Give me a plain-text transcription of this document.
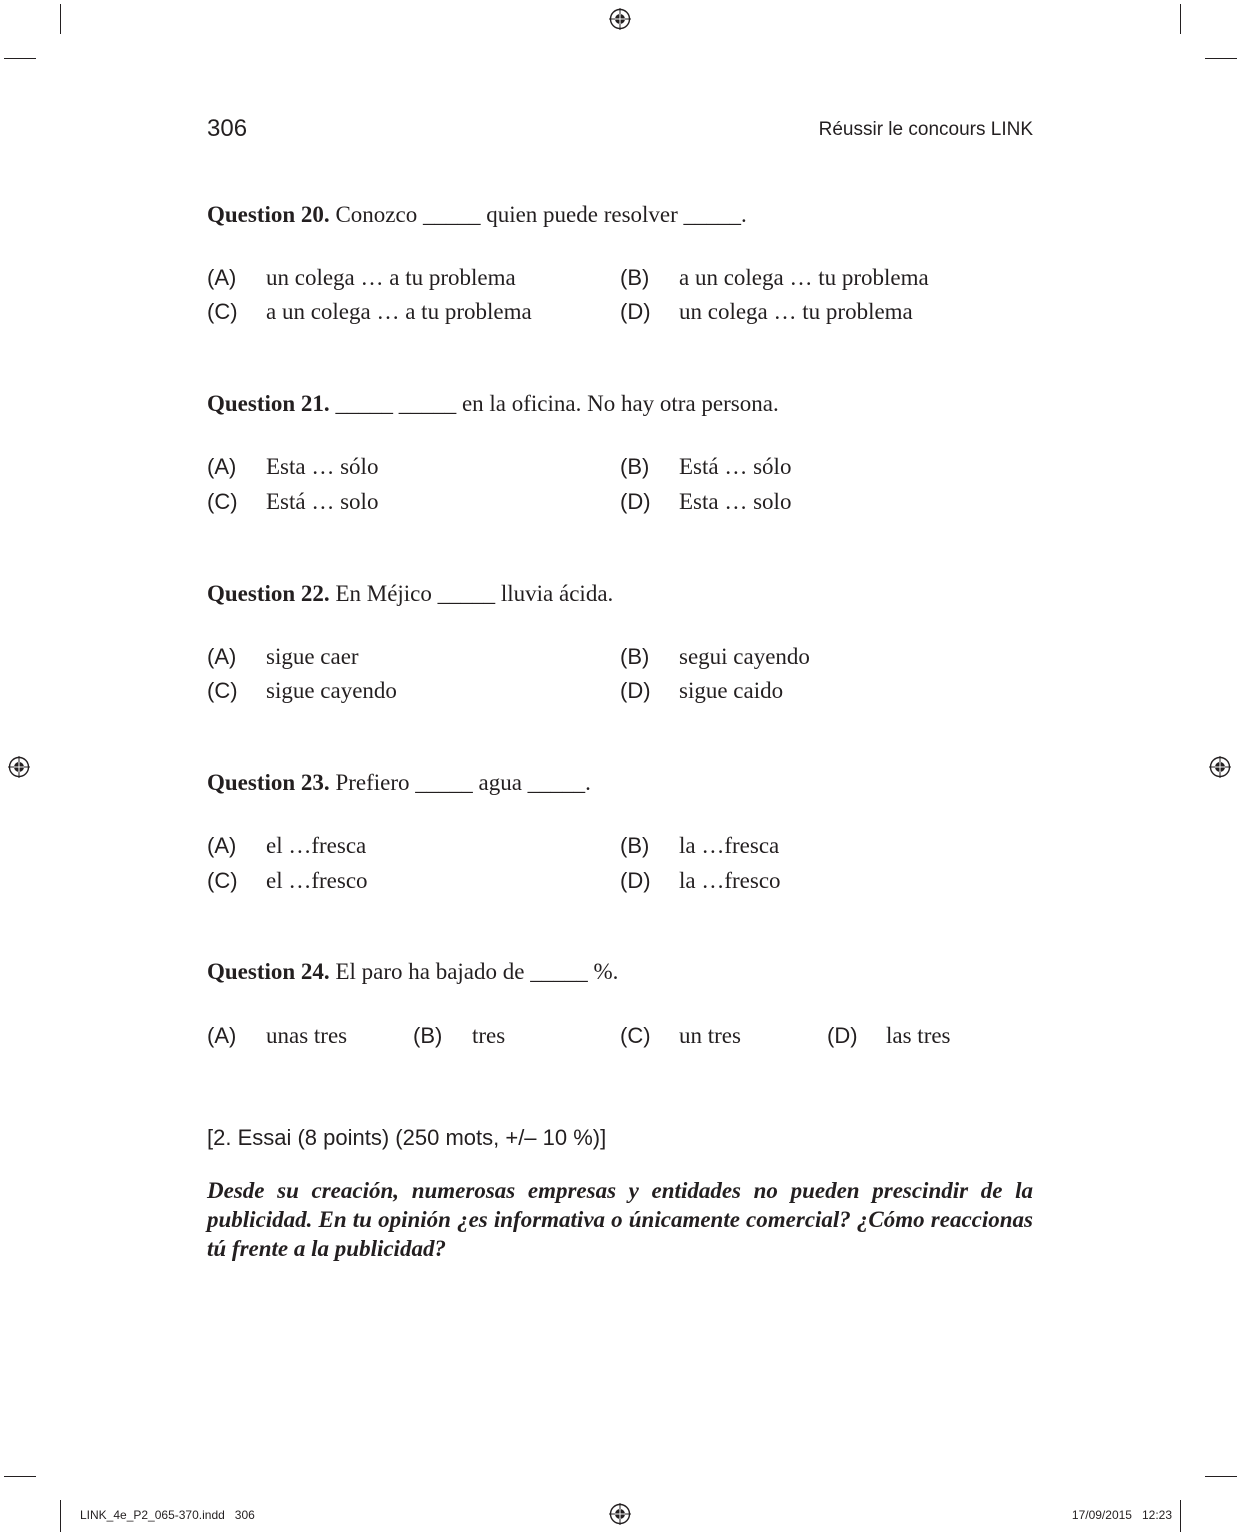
306	Réussir le concours LINK
Question 20. Conozco _____ quien puede resolver _____.
(A) un colega … a tu problema	(B) a un colega … tu problema
(C) a un colega … a tu problema	(D) un colega … tu problema
Question 21. _____ _____ en la oficina. No hay otra persona.
(A) Esta … sólo	(B) Está … sólo
(C) Está … solo	(D) Esta … solo
Question 22. En Méjico _____ lluvia ácida.
(A) sigue caer	(B) segui cayendo
(C) sigue cayendo	(D) sigue caido
Question 23. Prefiero _____ agua _____.
(A) el …fresca	(B) la …fresca
(C) el …fresco	(D) la …fresco
Question 24. El paro ha bajado de _____ %.
(A) unas tres	(B) tres	(C) un tres	(D) las tres
[2. Essai (8 points) (250 mots, +/– 10 %)]
Desde su creación, numerosas empresas y entidades no pueden prescindir de la publicidad. En tu opinión ¿es informativa o únicamente comercial? ¿Cómo reaccionas tú frente a la publicidad?
LINK_4e_P2_065-370.indd   306	17/09/2015   12:23
